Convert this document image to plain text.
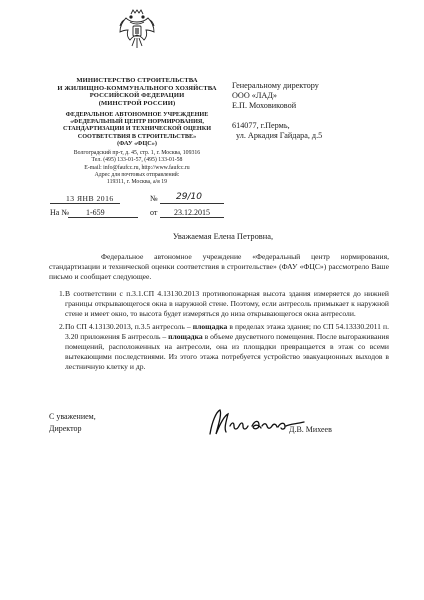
МИНИСТЕРСТВО СТРОИТЕЛЬСТВА
И ЖИЛИЩНО-КОММУНАЛЬНОГО ХОЗЯЙСТВА
РОССИЙСКОЙ ФЕДЕРАЦИИ
(МИНСТРОЙ РОССИИ)
ФЕДЕРАЛЬНОЕ АВТОНОМНОЕ УЧРЕЖДЕНИЕ
«ФЕДЕРАЛЬНЫЙ ЦЕНТР НОРМИРОВАНИЯ,
СТАНДАРТИЗАЦИИ И ТЕХНИЧЕСКОЙ ОЦЕНКИ
СООТВЕТСТВИЯ В СТРОИТЕЛЬСТВЕ»
(ФАУ «ФЦС»)
Волгоградский пр-т, д. 45, стр. 1, г. Москва, 109316
Тел. (495) 133-01-57, (495) 133-01-58
E-mail: info@faufcc.ru, http://www.faufcc.ru
Адрес для почтовых отправлений:
119311, г. Москва, а/я 19
13 ЯНВ 2016	№ 29/10
На № 1-659	от 23.12.2015
Генеральному директору
ООО «ЛАД»
Е.П. Моховиковой
614077, г.Пермь,
ул. Аркадия Гайдара, д.5
Уважаемая Елена Петровна,
Федеральное автономное учреждение «Федеральный центр нормирования, стандартизации и технической оценки соответствия в строительстве» (ФАУ «ФЦС») рассмотрело Ваше письмо и сообщает следующее.
1. В соответствии с п.3.1.СП 4.13130.2013 противопожарная высота здания измеряется до нижней границы открывающегося окна в наружной стене. Поэтому, если антресоль примыкает к наружной стене и имеет окно, то высота будет измеряться до низа открывающегося окна антресоли.
2. По СП 4.13130.2013, п.3.5 антресоль – площадка в пределах этажа здания; по СП 54.13330.2011 п. 3.20 приложения Б антресоль – площадка в объеме двусветного помещения. После выгораживания помещений, расположенных на антресоли, она из площадки превращается в этаж со всеми вытекающими последствиями. Из этого этажа потребуется устройство эвакуационных выходов в лестничную клетку и др.
С уважением,
Директор	Д.В. Михеев
